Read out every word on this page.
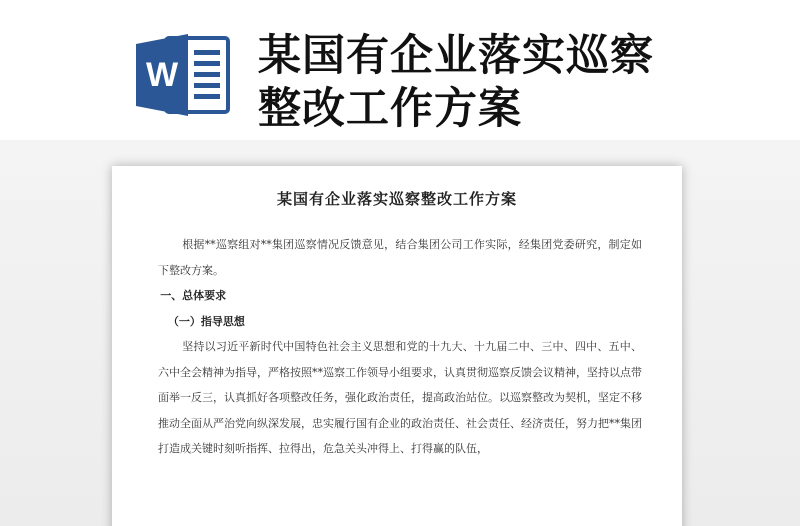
W 某国有企业落实巡察
整改工作方案
某国有企业落实巡察整改工作方案

根据**巡察组对**集团巡察情况反馈意见，结合集团公司工作实际，经集团党委研究，制定如下整改方案。

一、总体要求

（一）指导思想

坚持以习近平新时代中国特色社会主义思想和党的十九大、十九届二中、三中、四中、五中、六中全会精神为指导，严格按照**巡察工作领导小组要求，认真贯彻巡察反馈会议精神，坚持以点带面举一反三，认真抓好各项整改任务，强化政治责任，提高政治站位。以巡察整改为契机，坚定不移推动全面从严治党向纵深发展，忠实履行国有企业的政治责任、社会责任、经济责任，努力把**集团打造成关键时刻听指挥、拉得出，危急关头冲得上、打得赢的队伍，
